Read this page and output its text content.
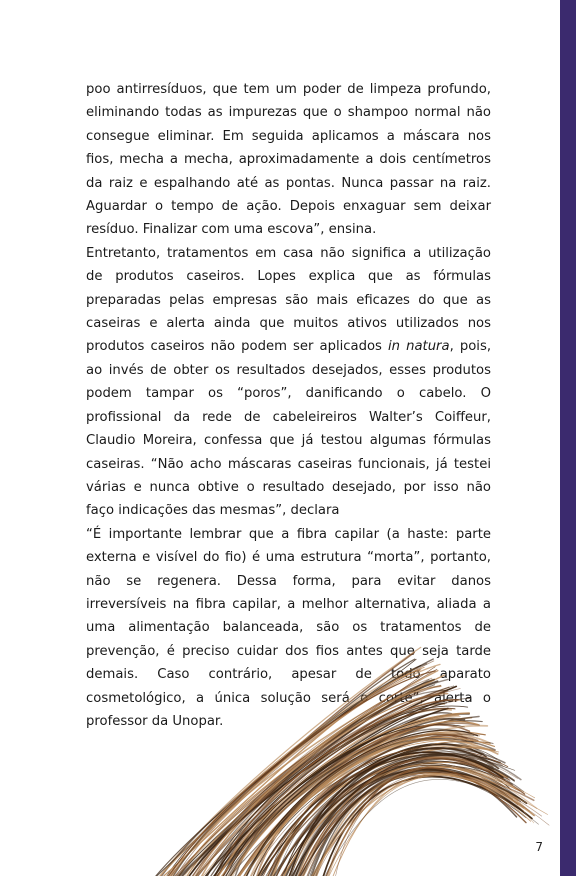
poo antirresíduos, que tem um poder de limpeza profundo, eliminando todas as impurezas que o shampoo normal não consegue eliminar. Em seguida aplicamos a máscara nos fios, mecha a mecha, aproximadamente a dois centímetros da raiz e espalhando até as pontas. Nunca passar na raiz. Aguardar o tempo de ação. Depois enxaguar sem deixar resíduo. Finalizar com uma escova”, ensina.

Entretanto, tratamentos em casa não significa a utilização de produtos caseiros. Lopes explica que as fórmulas preparadas pelas empresas são mais eficazes do que as caseiras e alerta ainda que muitos ativos utilizados nos produtos caseiros não podem ser aplicados in natura, pois, ao invés de obter os resultados desejados, esses produtos podem tampar os “poros”, danificando o cabelo. O profissional da rede de cabeleireiros Walter’s Coiffeur, Claudio Moreira, confessa que já testou algumas fórmulas caseiras. “Não acho máscaras caseiras funcionais, já testei várias e nunca obtive o resultado desejado, por isso não faço indicações das mesmas”, declara

“É importante lembrar que a fibra capilar (a haste: parte externa e visível do fio) é uma estrutura “morta”, portanto, não se regenera. Dessa forma, para evitar danos irreversíveis na fibra capilar, a melhor alternativa, aliada a uma alimentação balanceada, são os tratamentos de prevenção, é preciso cuidar dos fios antes que seja tarde demais. Caso contrário, apesar de todo aparato cosmetológico, a única solução será o corte”, alerta o professor da Unopar.

7
